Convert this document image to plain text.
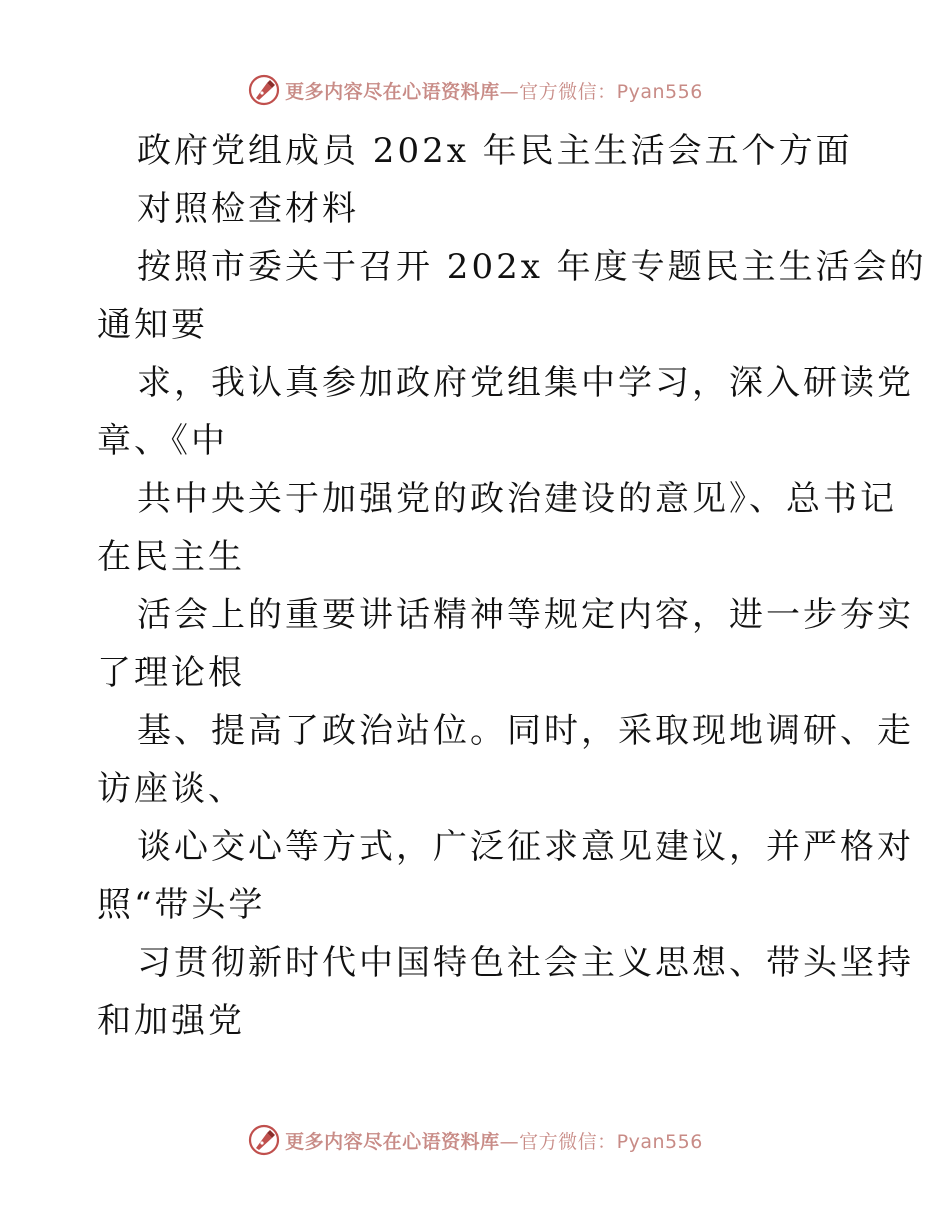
更多内容尽在心语资料库—官方微信：Pyan556
政府党组成员 202x 年民主生活会五个方面
对照检查材料
按照市委关于召开 202x 年度专题民主生活会的
通知要
求，我认真参加政府党组集中学习，深入研读党
章、《中
共中央关于加强党的政治建设的意见》、总书记
在民主生
活会上的重要讲话精神等规定内容，进一步夯实
了理论根
基、提高了政治站位。同时，采取现地调研、走
访座谈、
谈心交心等方式，广泛征求意见建议，并严格对
照“带头学
习贯彻新时代中国特色社会主义思想、带头坚持
和加强党
更多内容尽在心语资料库—官方微信：Pyan556
